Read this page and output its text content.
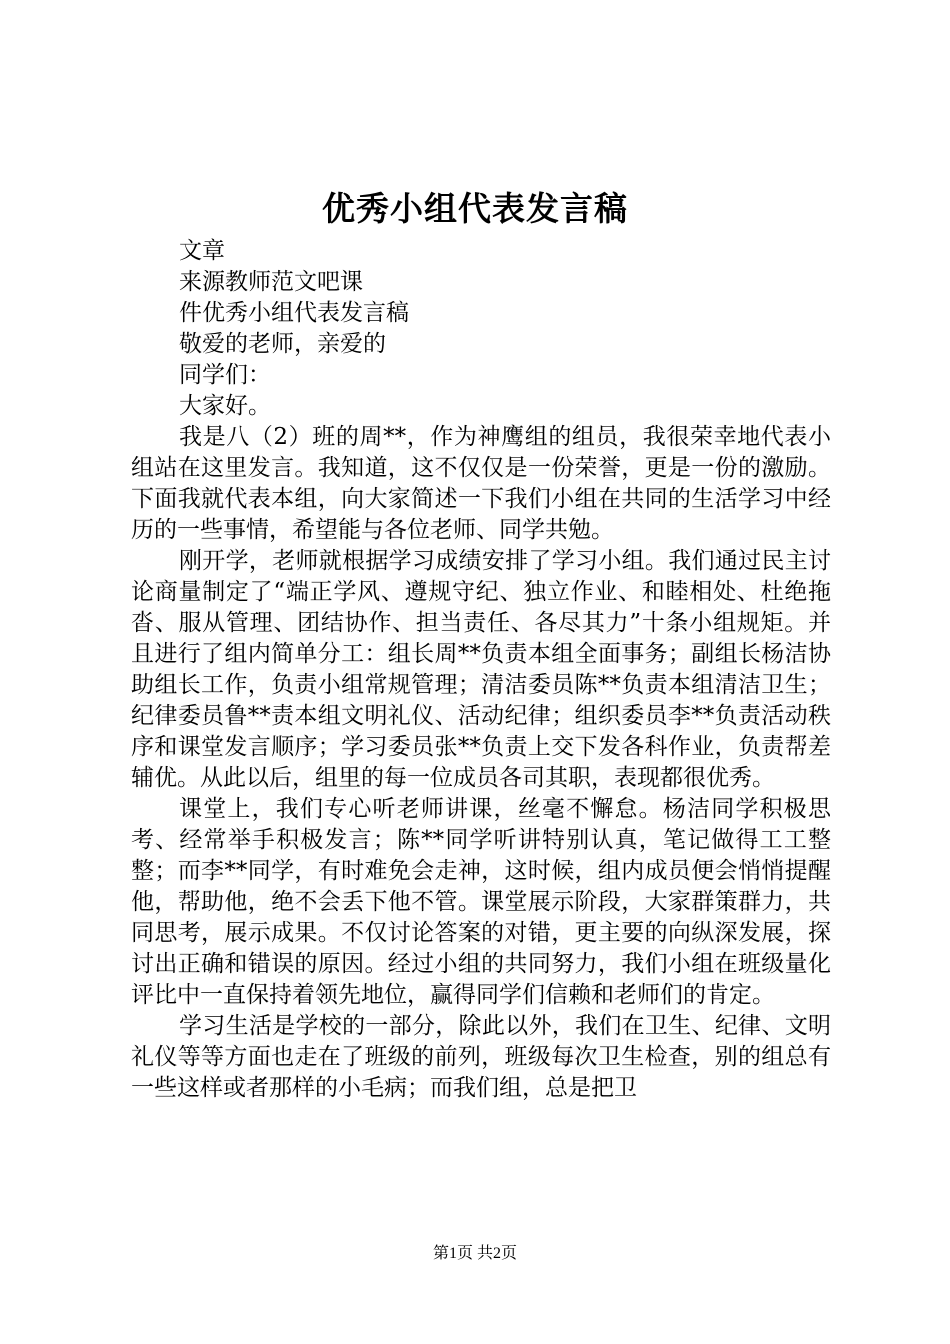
优秀小组代表发言稿
文章
来源教师范文吧课
件优秀小组代表发言稿
敬爱的老师，亲爱的
同学们：
大家好。

我是八（2）班的周**，作为神鹰组的组员，我很荣幸地代表小组站在这里发言。我知道，这不仅仅是一份荣誉，更是一份的激励。下面我就代表本组，向大家简述一下我们小组在共同的生活学习中经历的一些事情，希望能与各位老师、同学共勉。

刚开学，老师就根据学习成绩安排了学习小组。我们通过民主讨论商量制定了“端正学风、遵规守纪、独立作业、和睦相处、杜绝拖沓、服从管理、团结协作、担当责任、各尽其力”十条小组规矩。并且进行了组内简单分工：组长周**负责本组全面事务；副组长杨洁协助组长工作，负责小组常规管理；清洁委员陈**负责本组清洁卫生；纪律委员鲁**责本组文明礼仪、活动纪律；组织委员李**负责活动秩序和课堂发言顺序；学习委员张**负责上交下发各科作业，负责帮差辅优。从此以后，组里的每一位成员各司其职，表现都很优秀。

课堂上，我们专心听老师讲课，丝毫不懈怠。杨洁同学积极思考、经常举手积极发言；陈**同学听讲特别认真，笔记做得工工整整；而李**同学，有时难免会走神，这时候，组内成员便会悄悄提醒他，帮助他，绝不会丢下他不管。课堂展示阶段，大家群策群力，共同思考，展示成果。不仅讨论答案的对错，更主要的向纵深发展，探讨出正确和错误的原因。经过小组的共同努力，我们小组在班级量化评比中一直保持着领先地位，赢得同学们信赖和老师们的肯定。

学习生活是学校的一部分，除此以外，我们在卫生、纪律、文明礼仪等等方面也走在了班级的前列，班级每次卫生检查，别的组总有一些这样或者那样的小毛病；而我们组，总是把卫

第1页 共2页
